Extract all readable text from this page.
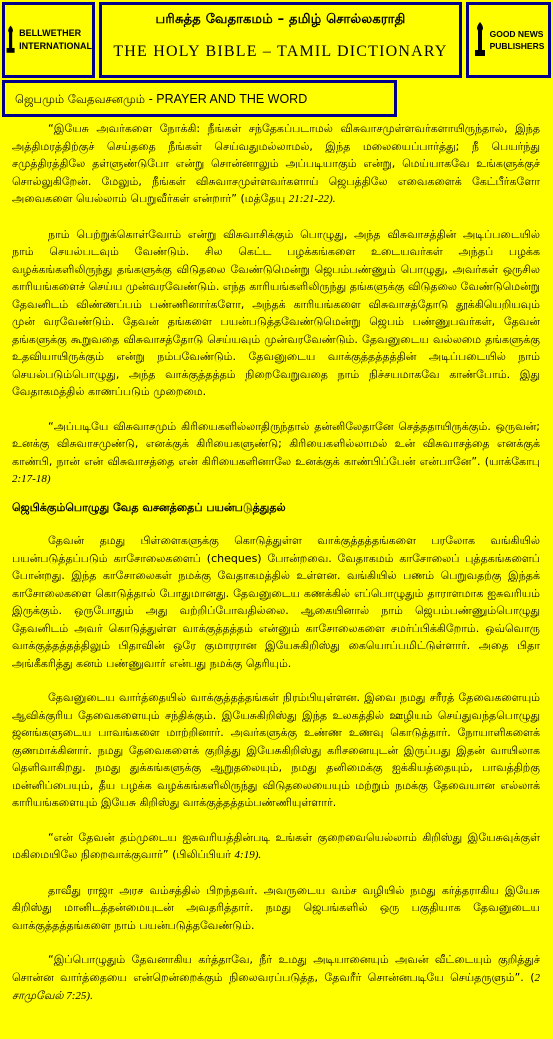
BELLWETHER
INTERNATIONAL
பரிசுத்த வேதாகமம் – தமிழ் சொல்லகராதி
THE HOLY BIBLE – TAMIL DICTIONARY
GOOD NEWS
PUBLISHERS
ஜெபமும் வேதவசனமும் - PRAYER AND THE WORD

“இயேசு அவர்களை நோக்கி: நீங்கள் சந்தேகப்படாமல் விசுவாசமுள்ளவர்களாயிருந்தால், இந்த அத்திமரத்திற்குச் செய்ததை நீங்கள் செய்வதுமல்லாமல், இந்த மலையைப்பார்த்து; நீ பெயர்ந்து சமுத்திரத்திலே தள்ளுண்டுபோ என்று சொன்னாலும் அப்படியாகும் என்று, மெய்யாகவே உங்களுக்குச் சொல்லுகிறேன். மேலும், நீங்கள் விசுவாசமுள்ளவர்களாய் ஜெபத்திலே எவைகளைக் கேட்பீர்களோ அவைகளை யெல்லாம் பெறுவீர்கள் என்றார்” (மத்தேயு 21:21-22).

நாம் பெற்றுக்கொள்வோம் என்று விசுவாசிக்கும் பொழுது, அந்த விசுவாசத்தின் அடிப்படையில் நாம் செயல்படவும் வேண்டும். சில கெட்ட பழக்கங்களை உடையவர்கள் அந்தப் பழக்க வழக்கங்களிலிருந்து தங்களுக்கு விடுதலை வேண்டுமென்று ஜெபம்பண்ணும் பொழுது, அவர்கள் ஒருசில காரியங்களைச் செய்ய முன்வரவேண்டும். எந்த காரியங்களிலிருந்து தங்களுக்கு விடுதலை வேண்டுமென்று தேவனிடம் விண்ணப்பம் பண்ணினார்களோ, அந்தக் காரியங்களை விசுவாசத்தோடு தூக்கியெறியவும் முன் வரவேண்டும். தேவன் தங்களை பயன்படுத்தவேண்டுமென்று ஜெபம் பண்ணுபவர்கள், தேவன் தங்களுக்கு கூறுவதை விசுவாசத்தோடு செய்யவும் முன்வரவேண்டும். தேவனுடைய வல்லமை தங்களுக்கு உதவியாயிருக்கும் என்று நம்பவேண்டும். தேவனுடைய வாக்குத்தத்தத்தின் அடிப்படையில் நாம் செயல்படும்பொழுது, அந்த வாக்குத்தத்தம் நிறைவேறுவதை நாம் நிச்சயமாகவே காண்போம். இது வேதாகமத்தில் காணப்படும் முறைமை.

“அப்படியே விசுவாசமும் கிரியைகளில்லாதிருந்தால் தன்னிலேதானே செத்ததாயிருக்கும். ஒருவன்; உனக்கு விசுவாசமுண்டு, எனக்குக் கிரியைகளுண்டு; கிரியைகளில்லாமல் உன் விசுவாசத்தை எனக்குக் காண்பி, நான் என் விசுவாசத்தை என் கிரியைகளினாலே உனக்குக் காண்பிப்பேன் என்பானே”. (யாக்கோபு 2:17-18)

ஜெபிக்கும்பொழுது வேத வசனத்தைப் பயன்படுத்துதல்

தேவன் தமது பிள்ளைகளுக்கு கொடுத்துள்ள வாக்குத்தத்தங்களை பரலோக வங்கியில் பயன்படுத்தப்படும் காசோலைகளைப் (cheques) போன்றவை. வேதாகமம் காசோலைப் புத்தகங்களைப் போன்றது. இந்த காசோலைகள் நமக்கு வேதாகமத்தில் உள்ளன. வங்கியில் பணம் பெறுவதற்கு இந்தக் காசோலைகளை கொடுத்தால் போதுமானது. தேவனுடைய கணக்கில் எப்பொழுதும் தாராளமாக ஐசுவரியம் இருக்கும். ஒருபோதும் அது வற்றிப்போவதில்லை. ஆகையினால் நாம் ஜெபம்பண்ணும்பொழுது தேவனிடம் அவர் கொடுத்துள்ள வாக்குத்தத்தம் என்னும் காசோலைகளை சமர்ப்பிக்கிறோம். ஒவ்வொரு வாக்குத்தத்தத்திலும் பிதாவின் ஒரே குமாரரான இயேசுகிறிஸ்து கையொப்பமிட்டுள்ளார். அதை பிதா அங்கீகரித்து கனம் பண்ணுவார் என்பது நமக்கு தெரியும்.

தேவனுடைய வார்த்தையில் வாக்குத்தத்தங்கள் நிரம்பியுள்ளன. இவை நமது சரீரத் தேவைகளையும் ஆவிக்குரிய தேவைகளையும் சந்திக்கும். இயேசுகிறிஸ்து இந்த உலகத்தில் ஊழியம் செய்துவந்தபொழுது ஜனங்களுடைய பாவங்களை மாற்றினார். அவர்களுக்கு உண்ண உணவு கொடுத்தார். நோயாளிகளைக் குணமாக்கினார். நமது தேவைகளைக் குறித்து இயேசுகிறிஸ்து கரிசனையுடன் இருப்பது இதன் வாயிலாக தெளிவாகிறது. நமது துக்கங்களுக்கு ஆறுதலையும், நமது தனிமைக்கு ஐக்கியத்தையும், பாவத்திற்கு மன்னிப்பையும், தீய பழக்க வழக்கங்களிலிருந்து விடுதலையையும் மற்றும் நமக்கு தேவையான எல்லாக் காரியங்களையும் இயேசு கிறிஸ்து வாக்குத்தத்தம்பண்ணியுள்ளார்.

“என் தேவன் தம்முடைய ஐசுவரியத்தின்படி உங்கள் குறைவையெல்லாம் கிறிஸ்து இயேசுவுக்குள் மகிமையிலே நிறைவாக்குவார்” (பிலிப்பியர் 4:19).

தாவீது ராஜா அரச வம்சத்தில் பிறந்தவர். அவருடைய வம்ச வழியில் நமது கர்த்தராகிய இயேசு கிறிஸ்து மானிடத்தன்மையுடன் அவதரித்தார். நமது ஜெபங்களில் ஒரு பகுதியாக தேவனுடைய வாக்குத்தத்தங்களை நாம் பயன்படுத்தவேண்டும்.

“இப்பொழுதும் தேவனாகிய கர்த்தாவே, நீர் உமது அடியானையும் அவன் வீட்டையும் குறித்துச் சொன்ன வார்த்தையை என்றென்றைக்கும் நிலைவரப்படுத்த, தேவரீர் சொன்னபடியே செய்தருளும்”. (2 சாமுவேல் 7:25).
